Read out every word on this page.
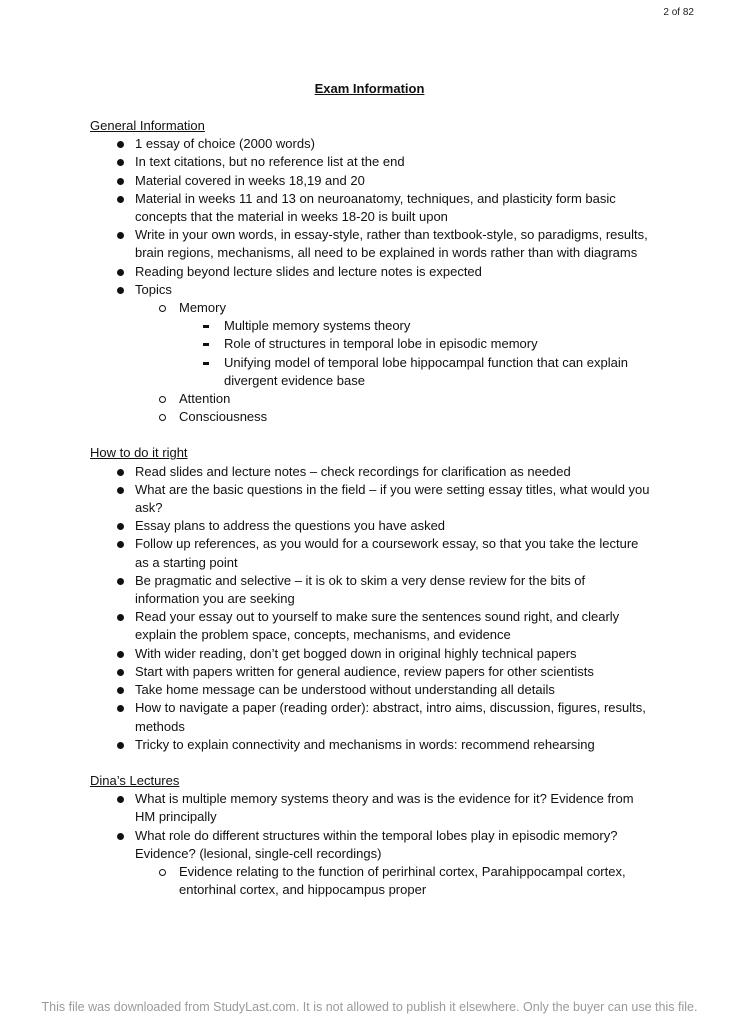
2 of 82
Exam Information
General Information
1 essay of choice (2000 words)
In text citations, but no reference list at the end
Material covered in weeks 18,19 and 20
Material in weeks 11 and 13 on neuroanatomy, techniques, and plasticity form basic concepts that the material in weeks 18-20 is built upon
Write in your own words, in essay-style, rather than textbook-style, so paradigms, results, brain regions, mechanisms, all need to be explained in words rather than with diagrams
Reading beyond lecture slides and lecture notes is expected
Topics
Memory
Multiple memory systems theory
Role of structures in temporal lobe in episodic memory
Unifying model of temporal lobe hippocampal function that can explain divergent evidence base
Attention
Consciousness
How to do it right
Read slides and lecture notes – check recordings for clarification as needed
What are the basic questions in the field – if you were setting essay titles, what would you ask?
Essay plans to address the questions you have asked
Follow up references, as you would for a coursework essay, so that you take the lecture as a starting point
Be pragmatic and selective – it is ok to skim a very dense review for the bits of information you are seeking
Read your essay out to yourself to make sure the sentences sound right, and clearly explain the problem space, concepts, mechanisms, and evidence
With wider reading, don’t get bogged down in original highly technical papers
Start with papers written for general audience, review papers for other scientists
Take home message can be understood without understanding all details
How to navigate a paper (reading order): abstract, intro aims, discussion, figures, results, methods
Tricky to explain connectivity and mechanisms in words: recommend rehearsing
Dina’s Lectures
What is multiple memory systems theory and was is the evidence for it? Evidence from HM principally
What role do different structures within the temporal lobes play in episodic memory? Evidence? (lesional, single-cell recordings)
Evidence relating to the function of perirhinal cortex, Parahippocampal cortex, entorhinal cortex, and hippocampus proper
This file was downloaded from StudyLast.com. It is not allowed to publish it elsewhere. Only the buyer can use this file.
